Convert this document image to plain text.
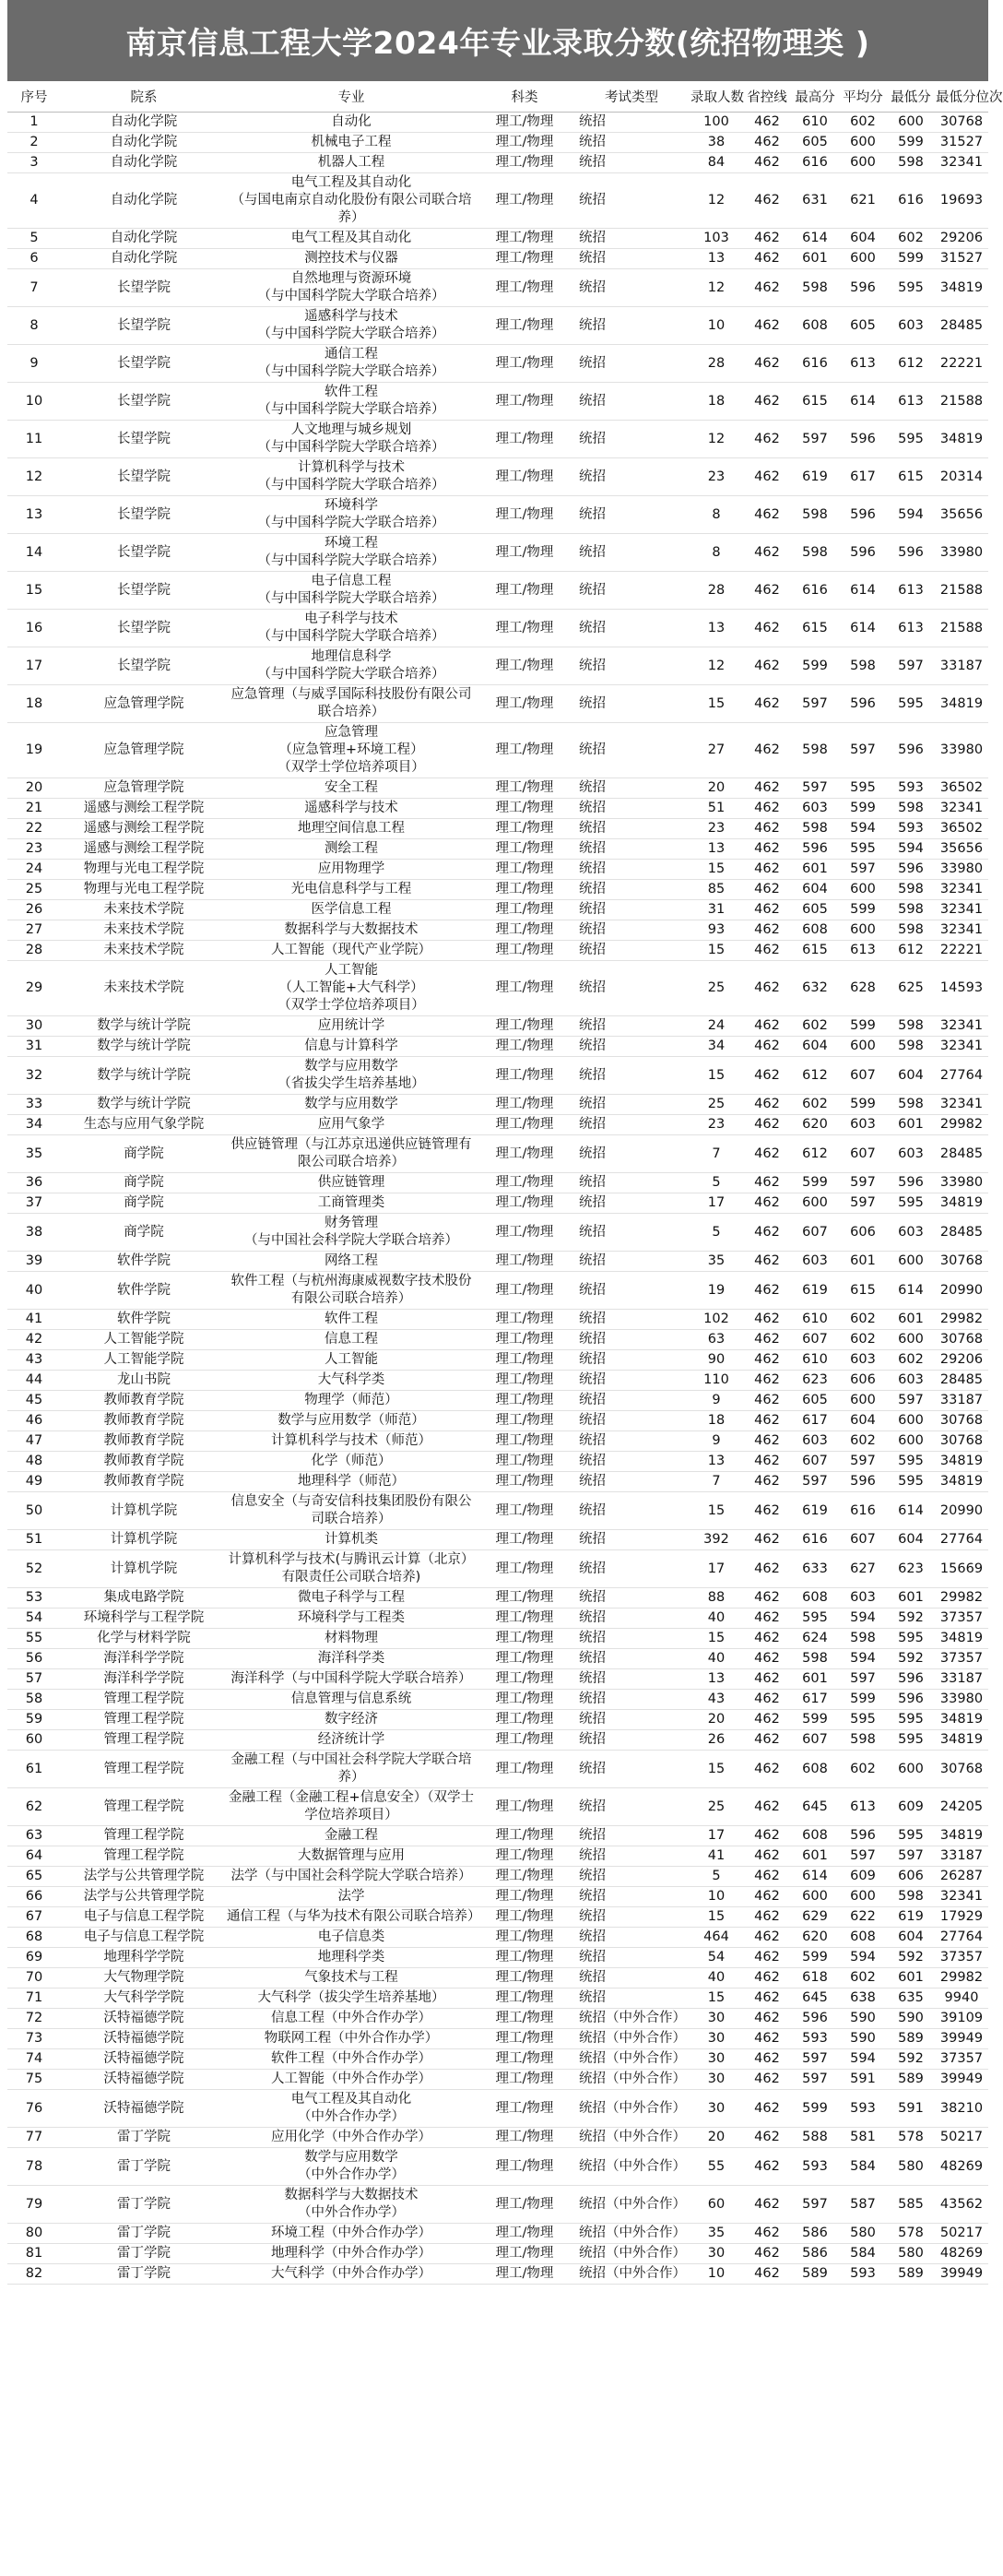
南京信息工程大学2024年专业录取分数(统招物理类 )
序号	院系	专业	科类	考试类型	录取人数	省控线	最高分	平均分	最低分	最低分位次
1	自动化学院	自动化	理工/物理	统招	100	462	610	602	600	30768
2	自动化学院	机械电子工程	理工/物理	统招	38	462	605	600	599	31527
3	自动化学院	机器人工程	理工/物理	统招	84	462	616	600	598	32341
4	自动化学院	电气工程及其自动化
（与国电南京自动化股份有限公司联合培养）	理工/物理	统招	12	462	631	621	616	19693
5	自动化学院	电气工程及其自动化	理工/物理	统招	103	462	614	604	602	29206
6	自动化学院	测控技术与仪器	理工/物理	统招	13	462	601	600	599	31527
7	长望学院	自然地理与资源环境
（与中国科学院大学联合培养）	理工/物理	统招	12	462	598	596	595	34819
8	长望学院	遥感科学与技术
（与中国科学院大学联合培养）	理工/物理	统招	10	462	608	605	603	28485
9	长望学院	通信工程
（与中国科学院大学联合培养）	理工/物理	统招	28	462	616	613	612	22221
10	长望学院	软件工程
（与中国科学院大学联合培养）	理工/物理	统招	18	462	615	614	613	21588
11	长望学院	人文地理与城乡规划
（与中国科学院大学联合培养）	理工/物理	统招	12	462	597	596	595	34819
12	长望学院	计算机科学与技术
（与中国科学院大学联合培养）	理工/物理	统招	23	462	619	617	615	20314
13	长望学院	环境科学
（与中国科学院大学联合培养）	理工/物理	统招	8	462	598	596	594	35656
14	长望学院	环境工程
（与中国科学院大学联合培养）	理工/物理	统招	8	462	598	596	596	33980
15	长望学院	电子信息工程
（与中国科学院大学联合培养）	理工/物理	统招	28	462	616	614	613	21588
16	长望学院	电子科学与技术
（与中国科学院大学联合培养）	理工/物理	统招	13	462	615	614	613	21588
17	长望学院	地理信息科学
（与中国科学院大学联合培养）	理工/物理	统招	12	462	599	598	597	33187
18	应急管理学院	应急管理（与威孚国际科技股份有限公司联合培养）	理工/物理	统招	15	462	597	596	595	34819
19	应急管理学院	应急管理
（应急管理+环境工程）
（双学士学位培养项目）	理工/物理	统招	27	462	598	597	596	33980
20	应急管理学院	安全工程	理工/物理	统招	20	462	597	595	593	36502
21	遥感与测绘工程学院	遥感科学与技术	理工/物理	统招	51	462	603	599	598	32341
22	遥感与测绘工程学院	地理空间信息工程	理工/物理	统招	23	462	598	594	593	36502
23	遥感与测绘工程学院	测绘工程	理工/物理	统招	13	462	596	595	594	35656
24	物理与光电工程学院	应用物理学	理工/物理	统招	15	462	601	597	596	33980
25	物理与光电工程学院	光电信息科学与工程	理工/物理	统招	85	462	604	600	598	32341
26	未来技术学院	医学信息工程	理工/物理	统招	31	462	605	599	598	32341
27	未来技术学院	数据科学与大数据技术	理工/物理	统招	93	462	608	600	598	32341
28	未来技术学院	人工智能（现代产业学院）	理工/物理	统招	15	462	615	613	612	22221
29	未来技术学院	人工智能
（人工智能+大气科学）
（双学士学位培养项目）	理工/物理	统招	25	462	632	628	625	14593
30	数学与统计学院	应用统计学	理工/物理	统招	24	462	602	599	598	32341
31	数学与统计学院	信息与计算科学	理工/物理	统招	34	462	604	600	598	32341
32	数学与统计学院	数学与应用数学
（省拔尖学生培养基地）	理工/物理	统招	15	462	612	607	604	27764
33	数学与统计学院	数学与应用数学	理工/物理	统招	25	462	602	599	598	32341
34	生态与应用气象学院	应用气象学	理工/物理	统招	23	462	620	603	601	29982
35	商学院	供应链管理（与江苏京迅递供应链管理有限公司联合培养）	理工/物理	统招	7	462	612	607	603	28485
36	商学院	供应链管理	理工/物理	统招	5	462	599	597	596	33980
37	商学院	工商管理类	理工/物理	统招	17	462	600	597	595	34819
38	商学院	财务管理
（与中国社会科学院大学联合培养）	理工/物理	统招	5	462	607	606	603	28485
39	软件学院	网络工程	理工/物理	统招	35	462	603	601	600	30768
40	软件学院	软件工程（与杭州海康威视数字技术股份有限公司联合培养）	理工/物理	统招	19	462	619	615	614	20990
41	软件学院	软件工程	理工/物理	统招	102	462	610	602	601	29982
42	人工智能学院	信息工程	理工/物理	统招	63	462	607	602	600	30768
43	人工智能学院	人工智能	理工/物理	统招	90	462	610	603	602	29206
44	龙山书院	大气科学类	理工/物理	统招	110	462	623	606	603	28485
45	教师教育学院	物理学（师范）	理工/物理	统招	9	462	605	600	597	33187
46	教师教育学院	数学与应用数学（师范）	理工/物理	统招	18	462	617	604	600	30768
47	教师教育学院	计算机科学与技术（师范）	理工/物理	统招	9	462	603	602	600	30768
48	教师教育学院	化学（师范）	理工/物理	统招	13	462	607	597	595	34819
49	教师教育学院	地理科学（师范）	理工/物理	统招	7	462	597	596	595	34819
50	计算机学院	信息安全（与奇安信科技集团股份有限公司联合培养）	理工/物理	统招	15	462	619	616	614	20990
51	计算机学院	计算机类	理工/物理	统招	392	462	616	607	604	27764
52	计算机学院	计算机科学与技术(与腾讯云计算（北京）有限责任公司联合培养)	理工/物理	统招	17	462	633	627	623	15669
53	集成电路学院	微电子科学与工程	理工/物理	统招	88	462	608	603	601	29982
54	环境科学与工程学院	环境科学与工程类	理工/物理	统招	40	462	595	594	592	37357
55	化学与材料学院	材料物理	理工/物理	统招	15	462	624	598	595	34819
56	海洋科学学院	海洋科学类	理工/物理	统招	40	462	598	594	592	37357
57	海洋科学学院	海洋科学（与中国科学院大学联合培养）	理工/物理	统招	13	462	601	597	596	33187
58	管理工程学院	信息管理与信息系统	理工/物理	统招	43	462	617	599	596	33980
59	管理工程学院	数字经济	理工/物理	统招	20	462	599	595	595	34819
60	管理工程学院	经济统计学	理工/物理	统招	26	462	607	598	595	34819
61	管理工程学院	金融工程（与中国社会科学院大学联合培养）	理工/物理	统招	15	462	608	602	600	30768
62	管理工程学院	金融工程（金融工程+信息安全）（双学士学位培养项目）	理工/物理	统招	25	462	645	613	609	24205
63	管理工程学院	金融工程	理工/物理	统招	17	462	608	596	595	34819
64	管理工程学院	大数据管理与应用	理工/物理	统招	41	462	601	597	597	33187
65	法学与公共管理学院	法学（与中国社会科学院大学联合培养）	理工/物理	统招	5	462	614	609	606	26287
66	法学与公共管理学院	法学	理工/物理	统招	10	462	600	600	598	32341
67	电子与信息工程学院	通信工程（与华为技术有限公司联合培养）	理工/物理	统招	15	462	629	622	619	17929
68	电子与信息工程学院	电子信息类	理工/物理	统招	464	462	620	608	604	27764
69	地理科学学院	地理科学类	理工/物理	统招	54	462	599	594	592	37357
70	大气物理学院	气象技术与工程	理工/物理	统招	40	462	618	602	601	29982
71	大气科学学院	大气科学（拔尖学生培养基地）	理工/物理	统招	15	462	645	638	635	9940
72	沃特福德学院	信息工程（中外合作办学）	理工/物理	统招（中外合作）	30	462	596	590	590	39109
73	沃特福德学院	物联网工程（中外合作办学）	理工/物理	统招（中外合作）	30	462	593	590	589	39949
74	沃特福德学院	软件工程（中外合作办学）	理工/物理	统招（中外合作）	30	462	597	594	592	37357
75	沃特福德学院	人工智能（中外合作办学）	理工/物理	统招（中外合作）	30	462	597	591	589	39949
76	沃特福德学院	电气工程及其自动化
（中外合作办学）	理工/物理	统招（中外合作）	30	462	599	593	591	38210
77	雷丁学院	应用化学（中外合作办学）	理工/物理	统招（中外合作）	20	462	588	581	578	50217
78	雷丁学院	数学与应用数学
（中外合作办学）	理工/物理	统招（中外合作）	55	462	593	584	580	48269
79	雷丁学院	数据科学与大数据技术
（中外合作办学）	理工/物理	统招（中外合作）	60	462	597	587	585	43562
80	雷丁学院	环境工程（中外合作办学）	理工/物理	统招（中外合作）	35	462	586	580	578	50217
81	雷丁学院	地理科学（中外合作办学）	理工/物理	统招（中外合作）	30	462	586	584	580	48269
82	雷丁学院	大气科学（中外合作办学）	理工/物理	统招（中外合作）	10	462	589	593	589	39949
